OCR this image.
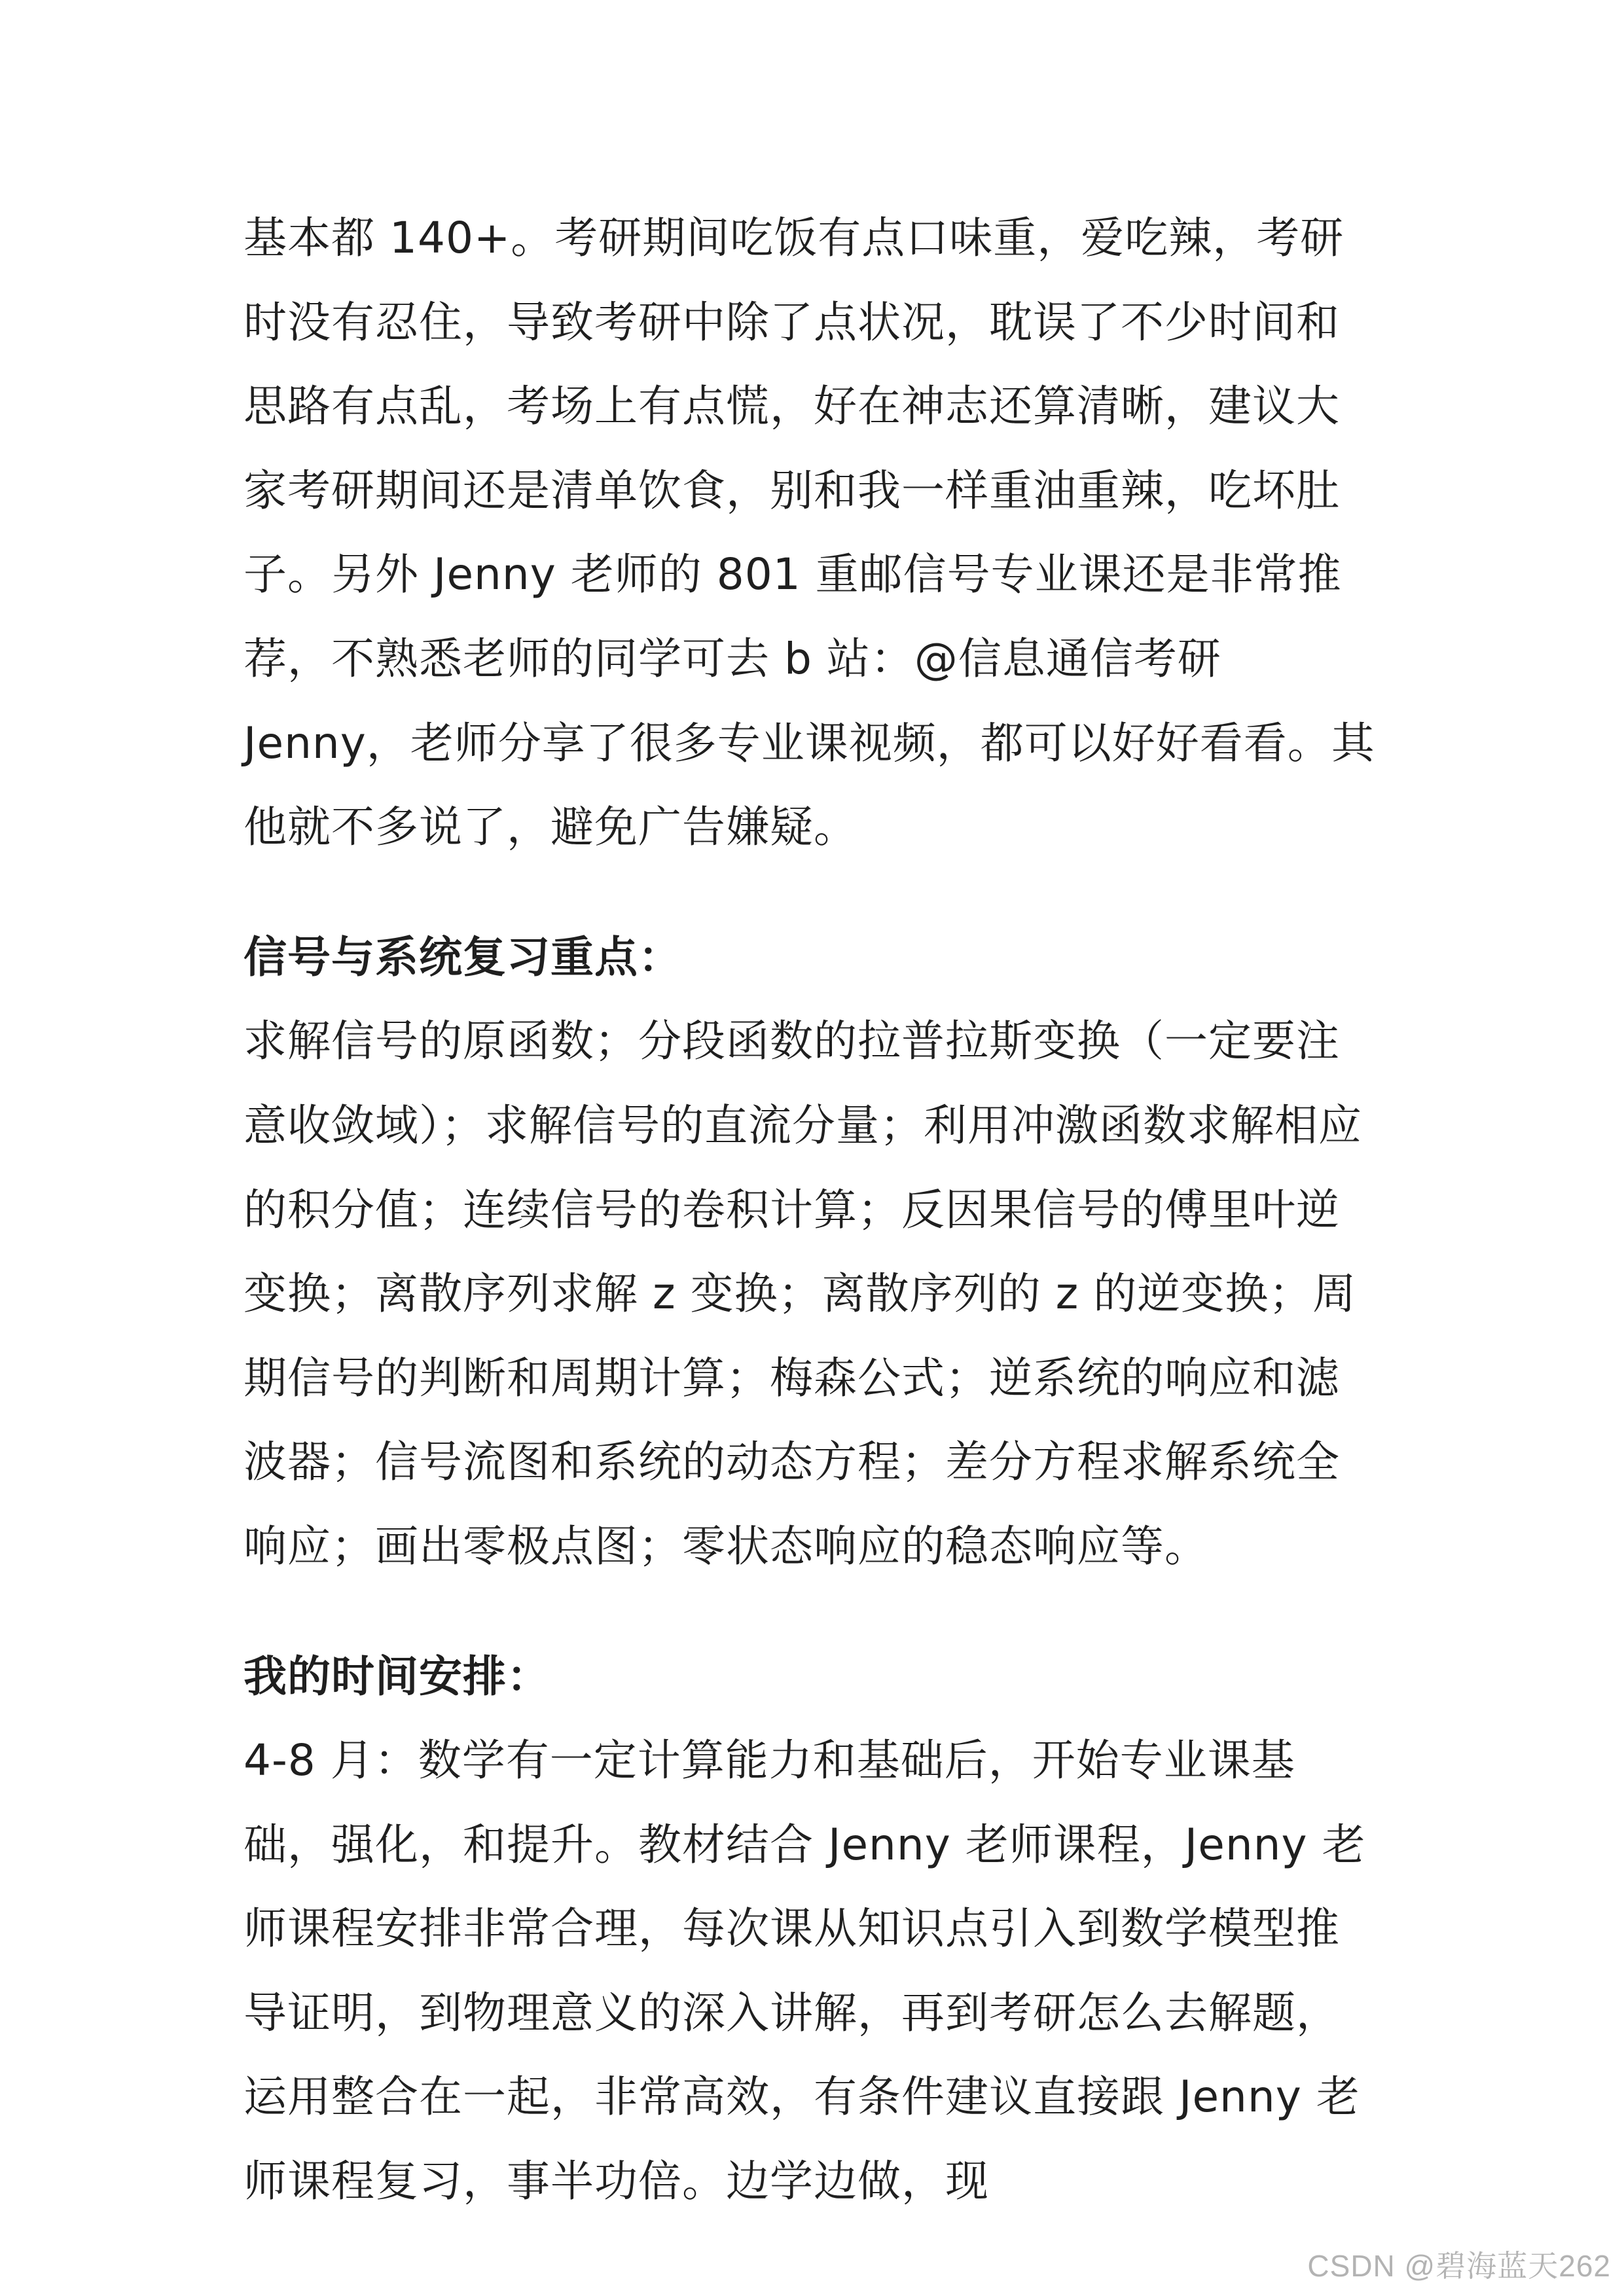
基本都 140+。考研期间吃饭有点口味重，爱吃辣，考研时没有忍住，导致考研中除了点状况，耽误了不少时间和思路有点乱，考场上有点慌，好在神志还算清晰，建议大家考研期间还是清单饮食，别和我一样重油重辣，吃坏肚子。另外 Jenny 老师的 801 重邮信号专业课还是非常推荐，不熟悉老师的同学可去 b 站：@信息通信考研 Jenny，老师分享了很多专业课视频，都可以好好看看。其他就不多说了，避免广告嫌疑。

信号与系统复习重点：

求解信号的原函数；分段函数的拉普拉斯变换（一定要注意收敛域）；求解信号的直流分量；利用冲激函数求解相应的积分值；连续信号的卷积计算；反因果信号的傅里叶逆变换；离散序列求解 z 变换；离散序列的 z 的逆变换；周期信号的判断和周期计算；梅森公式；逆系统的响应和滤波器；信号流图和系统的动态方程；差分方程求解系统全响应；画出零极点图；零状态响应的稳态响应等。

我的时间安排：

4-8 月：数学有一定计算能力和基础后，开始专业课基础，强化，和提升。教材结合 Jenny 老师课程，Jenny 老师课程安排非常合理，每次课从知识点引入到数学模型推导证明，到物理意义的深入讲解，再到考研怎么去解题，运用整合在一起，非常高效，有条件建议直接跟 Jenny 老师课程复习，事半功倍。边学边做，现

CSDN @碧海蓝天262
